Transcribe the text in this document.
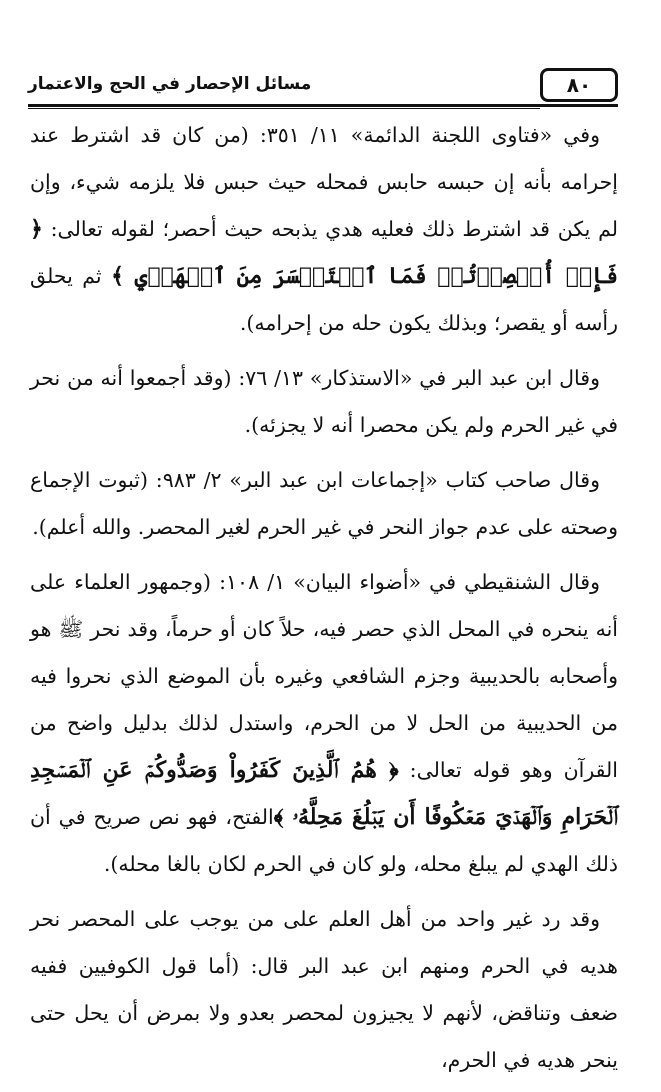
٨٠
مسائل الإحصار في الحج والاعتمار

وفي «فتاوى اللجنة الدائمة» ١١/ ٣٥١: (من كان قد اشترط عند إحرامه بأنه إن حبسه حابس فمحله حيث حبس فلا يلزمه شيء، وإن لم يكن قد اشترط ذلك فعليه هدي يذبحه حيث أحصر؛ لقوله تعالى: ﴿ فَإِنۡ أُحۡصِرۡتُمۡ فَمَا ٱسۡتَيۡسَرَ مِنَ ٱلۡهَدۡيِ ﴾ ثم يحلق رأسه أو يقصر؛ وبذلك يكون حله من إحرامه).

وقال ابن عبد البر في «الاستذكار» ١٣/ ٧٦: (وقد أجمعوا أنه من نحر في غير الحرم ولم يكن محصرا أنه لا يجزئه).

وقال صاحب كتاب «إجماعات ابن عبد البر» ٢/ ٩٨٣: (ثبوت الإجماع وصحته على عدم جواز النحر في غير الحرم لغير المحصر. والله أعلم).

وقال الشنقيطي في «أضواء البيان» ١/ ١٠٨: (وجمهور العلماء على أنه ينحره في المحل الذي حصر فيه، حلاً كان أو حرماً، وقد نحر ﷺ هو وأصحابه بالحديبية وجزم الشافعي وغيره بأن الموضع الذي نحروا فيه من الحديبية من الحل لا من الحرم، واستدل لذلك بدليل واضح من القرآن وهو قوله تعالى: ﴿ هُمُ ٱلَّذِينَ كَفَرُواْ وَصَدُّوكُمۡ عَنِ ٱلۡمَسۡجِدِ ٱلۡحَرَامِ وَٱلۡهَدۡيَ مَعۡكُوفًا أَن يَبۡلُغَ مَحِلَّهُۥ ﴾الفتح، فهو نص صريح في أن ذلك الهدي لم يبلغ محله، ولو كان في الحرم لكان بالغا محله).

وقد رد غير واحد من أهل العلم على من يوجب على المحصر نحر هديه في الحرم ومنهم ابن عبد البر قال: (أما قول الكوفيين ففيه ضعف وتناقض، لأنهم لا يجيزون لمحصر بعدو ولا بمرض أن يحل حتى ينحر هديه في الحرم،
